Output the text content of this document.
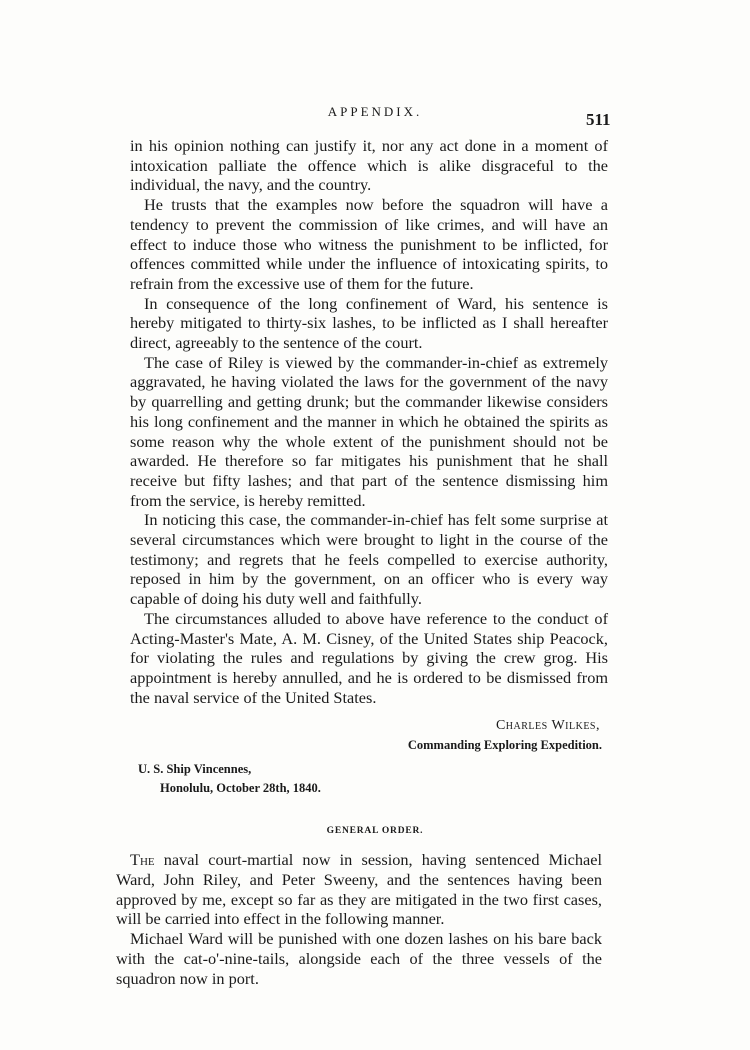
APPENDIX.	511

in his opinion nothing can justify it, nor any act done in a moment of intoxication palliate the offence which is alike disgraceful to the individual, the navy, and the country.

He trusts that the examples now before the squadron will have a tendency to prevent the commission of like crimes, and will have an effect to induce those who witness the punishment to be inflicted, for offences committed while under the influence of intoxicating spirits, to refrain from the excessive use of them for the future.

In consequence of the long confinement of Ward, his sentence is hereby mitigated to thirty-six lashes, to be inflicted as I shall hereafter direct, agreeably to the sentence of the court.

The case of Riley is viewed by the commander-in-chief as extremely aggravated, he having violated the laws for the government of the navy by quarrelling and getting drunk; but the commander likewise considers his long confinement and the manner in which he obtained the spirits as some reason why the whole extent of the punishment should not be awarded. He therefore so far mitigates his punishment that he shall receive but fifty lashes; and that part of the sentence dismissing him from the service, is hereby remitted.

In noticing this case, the commander-in-chief has felt some surprise at several circumstances which were brought to light in the course of the testimony; and regrets that he feels compelled to exercise authority, reposed in him by the government, on an officer who is every way capable of doing his duty well and faithfully.

The circumstances alluded to above have reference to the conduct of Acting-Master's Mate, A. M. Cisney, of the United States ship Peacock, for violating the rules and regulations by giving the crew grog. His appointment is hereby annulled, and he is ordered to be dismissed from the naval service of the United States.

Charles Wilkes,
Commanding Exploring Expedition.
U. S. Ship Vincennes,
Honolulu, October 28th, 1840.
GENERAL ORDER.

The naval court-martial now in session, having sentenced Michael Ward, John Riley, and Peter Sweeny, and the sentences having been approved by me, except so far as they are mitigated in the two first cases, will be carried into effect in the following manner.

Michael Ward will be punished with one dozen lashes on his bare back with the cat-o'-nine-tails, alongside each of the three vessels of the squadron now in port.
